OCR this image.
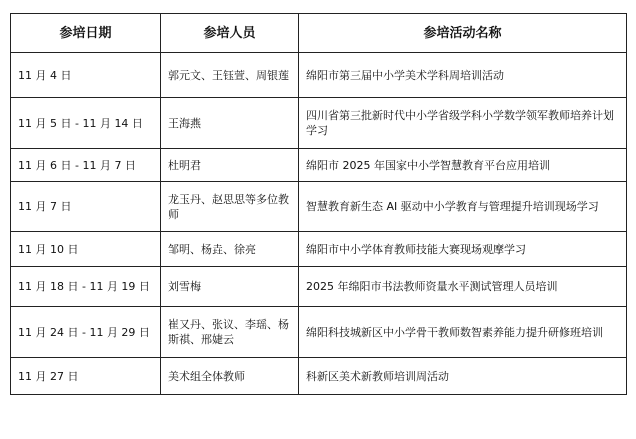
参培日期	参培人员	参培活动名称
11 月 4 日	郭元文、王钰萱、周银莲	绵阳市第三届中小学美术学科周培训活动
11 月 5 日 - 11 月 14 日	王海燕	四川省第三批新时代中小学省级学科小学数学领军教师培养计划学习
11 月 6 日 - 11 月 7 日	杜明君	绵阳市 2025 年国家中小学智慧教育平台应用培训
11 月 7 日	龙玉丹、赵思思等多位教师	智慧教育新生态 AI 驱动中小学教育与管理提升培训现场学习
11 月 10 日	邹明、杨垚、徐亮	绵阳市中小学体育教师技能大赛现场观摩学习
11 月 18 日 - 11 月 19 日	刘雪梅	2025 年绵阳市书法教师资量水平测试管理人员培训
11 月 24 日 - 11 月 29 日	崔又丹、张议、李瑶、杨斯祺、邢婕云	绵阳科技城新区中小学骨干教师数智素养能力提升研修班培训
11 月 27 日	美术组全体教师	科新区美术新教师培训周活动
